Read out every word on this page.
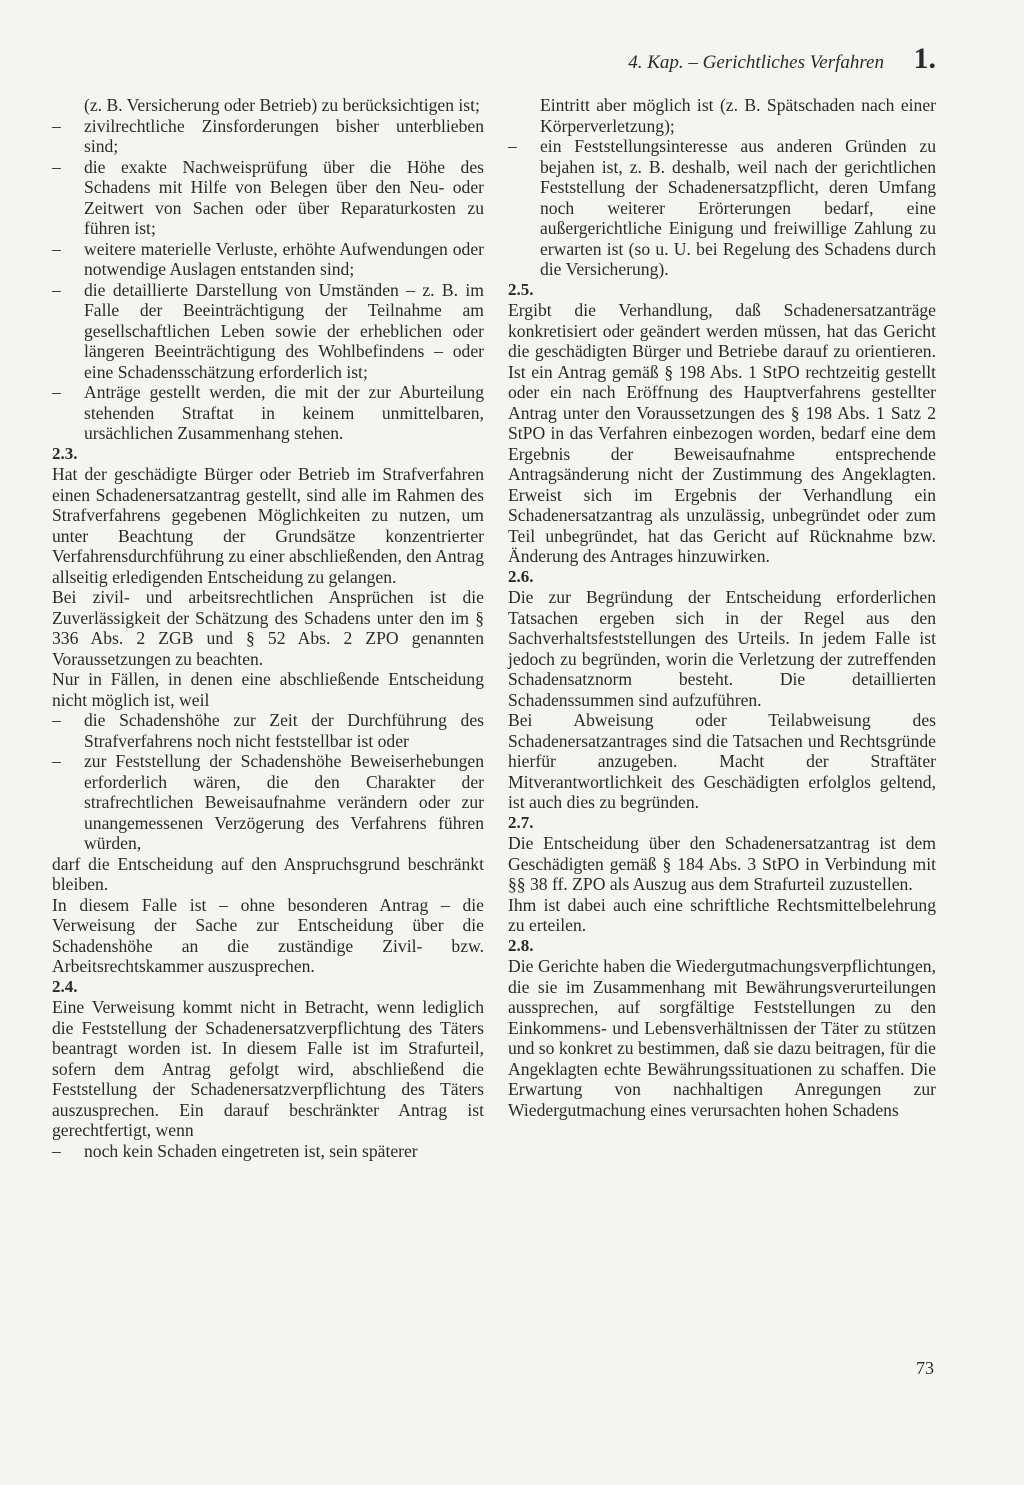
4. Kap. – Gerichtliches Verfahren 1.

(z. B. Versicherung oder Betrieb) zu berücksichtigen ist;

– zivilrechtliche Zinsforderungen bisher unterblieben sind;

– die exakte Nachweisprüfung über die Höhe des Schadens mit Hilfe von Belegen über den Neu- oder Zeitwert von Sachen oder über Reparaturkosten zu führen ist;

– weitere materielle Verluste, erhöhte Aufwendungen oder notwendige Auslagen entstanden sind;

– die detaillierte Darstellung von Umständen – z. B. im Falle der Beeinträchtigung der Teilnahme am gesellschaftlichen Leben sowie der erheblichen oder längeren Beeinträchtigung des Wohlbefindens – oder eine Schadensschätzung erforderlich ist;

– Anträge gestellt werden, die mit der zur Aburteilung stehenden Straftat in keinem unmittelbaren, ursächlichen Zusammenhang stehen.

2.3.

Hat der geschädigte Bürger oder Betrieb im Strafverfahren einen Schadenersatzantrag gestellt, sind alle im Rahmen des Strafverfahrens gegebenen Möglichkeiten zu nutzen, um unter Beachtung der Grundsätze konzentrierter Verfahrensdurchführung zu einer abschließenden, den Antrag allseitig erledigenden Entscheidung zu gelangen.

Bei zivil- und arbeitsrechtlichen Ansprüchen ist die Zuverlässigkeit der Schätzung des Schadens unter den im § 336 Abs. 2 ZGB und § 52 Abs. 2 ZPO genannten Voraussetzungen zu beachten.

Nur in Fällen, in denen eine abschließende Entscheidung nicht möglich ist, weil

– die Schadenshöhe zur Zeit der Durchführung des Strafverfahrens noch nicht feststellbar ist oder

– zur Feststellung der Schadenshöhe Beweiserhebungen erforderlich wären, die den Charakter der strafrechtlichen Beweisaufnahme verändern oder zur unangemessenen Verzögerung des Verfahrens führen würden,

darf die Entscheidung auf den Anspruchsgrund beschränkt bleiben.

In diesem Falle ist – ohne besonderen Antrag – die Verweisung der Sache zur Entscheidung über die Schadenshöhe an die zuständige Zivil- bzw. Arbeitsrechtskammer auszusprechen.

2.4.

Eine Verweisung kommt nicht in Betracht, wenn lediglich die Feststellung der Schadenersatzverpflichtung des Täters beantragt worden ist. In diesem Falle ist im Strafurteil, sofern dem Antrag gefolgt wird, abschließend die Feststellung der Schadenersatzverpflichtung des Täters auszusprechen. Ein darauf beschränkter Antrag ist gerechtfertigt, wenn

– noch kein Schaden eingetreten ist, sein späterer

Eintritt aber möglich ist (z. B. Spätschaden nach einer Körperverletzung);

– ein Feststellungsinteresse aus anderen Gründen zu bejahen ist, z. B. deshalb, weil nach der gerichtlichen Feststellung der Schadenersatzpflicht, deren Umfang noch weiterer Erörterungen bedarf, eine außergerichtliche Einigung und freiwillige Zahlung zu erwarten ist (so u. U. bei Regelung des Schadens durch die Versicherung).

2.5.

Ergibt die Verhandlung, daß Schadenersatzanträge konkretisiert oder geändert werden müssen, hat das Gericht die geschädigten Bürger und Betriebe darauf zu orientieren. Ist ein Antrag gemäß § 198 Abs. 1 StPO rechtzeitig gestellt oder ein nach Eröffnung des Hauptverfahrens gestellter Antrag unter den Voraussetzungen des § 198 Abs. 1 Satz 2 StPO in das Verfahren einbezogen worden, bedarf eine dem Ergebnis der Beweisaufnahme entsprechende Antragsänderung nicht der Zustimmung des Angeklagten. Erweist sich im Ergebnis der Verhandlung ein Schadenersatzantrag als unzulässig, unbegründet oder zum Teil unbegründet, hat das Gericht auf Rücknahme bzw. Änderung des Antrages hinzuwirken.

2.6.

Die zur Begründung der Entscheidung erforderlichen Tatsachen ergeben sich in der Regel aus den Sachverhaltsfeststellungen des Urteils. In jedem Falle ist jedoch zu begründen, worin die Verletzung der zutreffenden Schadensatznorm besteht. Die detaillierten Schadenssummen sind aufzuführen.

Bei Abweisung oder Teilabweisung des Schadenersatzantrages sind die Tatsachen und Rechtsgründe hierfür anzugeben. Macht der Straftäter Mitverantwortlichkeit des Geschädigten erfolglos geltend, ist auch dies zu begründen.

2.7.

Die Entscheidung über den Schadenersatzantrag ist dem Geschädigten gemäß § 184 Abs. 3 StPO in Verbindung mit §§ 38 ff. ZPO als Auszug aus dem Strafurteil zuzustellen.

Ihm ist dabei auch eine schriftliche Rechtsmittelbelehrung zu erteilen.

2.8.

Die Gerichte haben die Wiedergutmachungsverpflichtungen, die sie im Zusammenhang mit Bewährungsverurteilungen aussprechen, auf sorgfältige Feststellungen zu den Einkommens- und Lebensverhältnissen der Täter zu stützen und so konkret zu bestimmen, daß sie dazu beitragen, für die Angeklagten echte Bewährungssituationen zu schaffen. Die Erwartung von nachhaltigen Anregungen zur Wiedergutmachung eines verursachten hohen Schadens

73
